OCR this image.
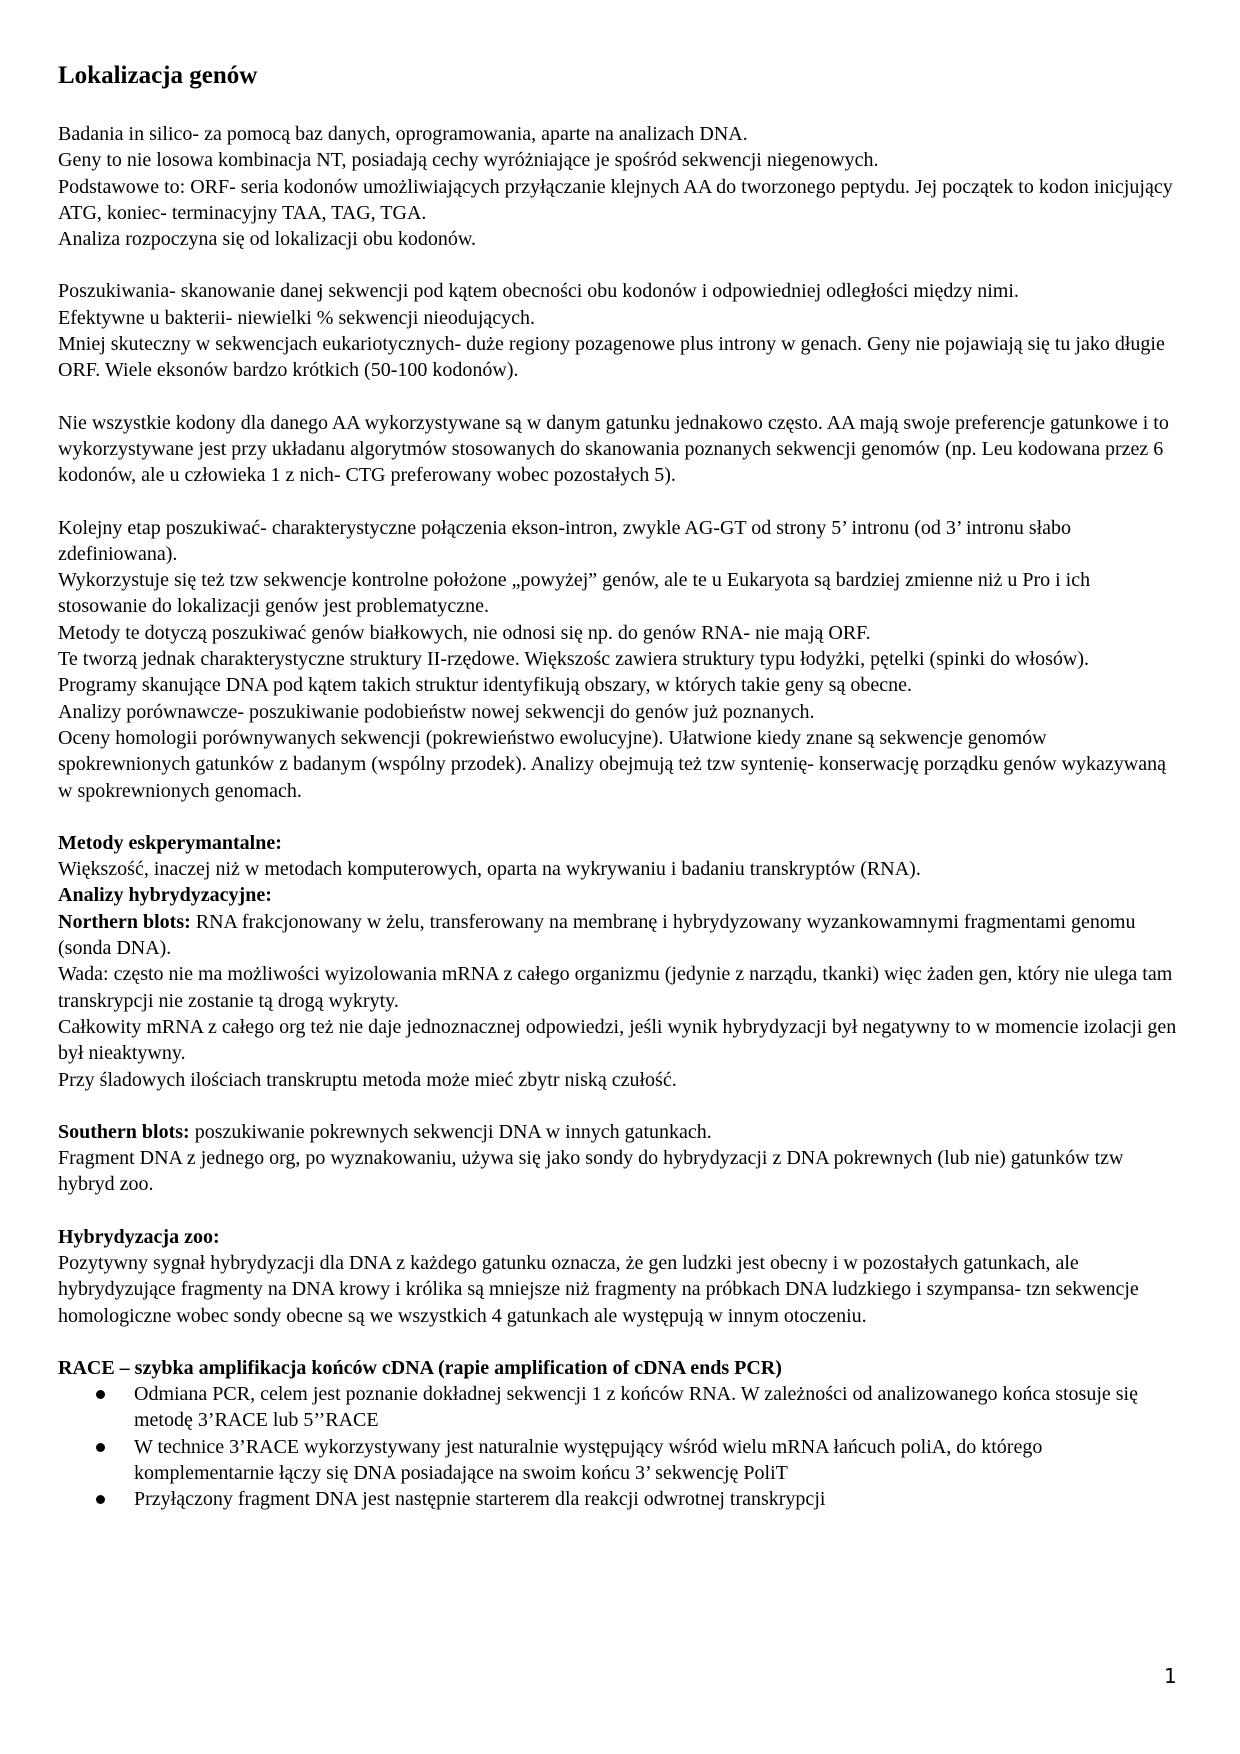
Lokalizacja genów

Badania in silico- za pomocą baz danych, oprogramowania, aparte na analizach DNA.

Geny to nie losowa kombinacja NT, posiadają cechy wyróżniające je spośród sekwencji niegenowych.

Podstawowe to: ORF- seria kodonów umożliwiających przyłączanie klejnych AA do tworzonego peptydu. Jej początek to kodon inicjujący ATG, koniec- terminacyjny TAA, TAG, TGA.

Analiza rozpoczyna się od lokalizacji obu kodonów.

Poszukiwania- skanowanie danej sekwencji pod kątem obecności obu kodonów i odpowiedniej odległości między nimi.

Efektywne u bakterii- niewielki % sekwencji nieodujących.

Mniej skuteczny w sekwencjach eukariotycznych- duże regiony pozagenowe plus introny w genach. Geny nie pojawiają się tu jako długie ORF. Wiele eksonów bardzo krótkich (50-100 kodonów).

Nie wszystkie kodony dla danego AA wykorzystywane są w danym gatunku jednakowo często. AA mają swoje preferencje gatunkowe i to wykorzystywane jest przy układanu algorytmów stosowanych do skanowania poznanych sekwencji genomów (np. Leu kodowana przez 6 kodonów, ale u człowieka 1 z nich- CTG preferowany wobec pozostałych 5).

Kolejny etap poszukiwać- charakterystyczne połączenia ekson-intron, zwykle AG-GT od strony 5’ intronu (od 3’ intronu słabo zdefiniowana).

Wykorzystuje się też tzw sekwencje kontrolne położone „powyżej” genów, ale te u Eukaryota są bardziej zmienne niż u Pro i ich stosowanie do lokalizacji genów jest problematyczne.

Metody te dotyczą poszukiwać genów białkowych, nie odnosi się np. do genów RNA- nie mają ORF.

Te tworzą jednak charakterystyczne struktury II-rzędowe. Większośc zawiera struktury typu łodyżki, pętelki (spinki do włosów).

Programy skanujące DNA pod kątem takich struktur identyfikują obszary, w których takie geny są obecne.

Analizy porównawcze- poszukiwanie podobieństw nowej sekwencji do genów już poznanych.

Oceny homologii porównywanych sekwencji (pokrewieństwo ewolucyjne). Ułatwione kiedy znane są sekwencje genomów spokrewnionych gatunków z badanym (wspólny przodek). Analizy obejmują też tzw syntenię- konserwację porządku genów wykazywaną w spokrewnionych genomach.

Metody eskperymantalne:

Większość, inaczej niż w metodach komputerowych, oparta na wykrywaniu i badaniu transkryptów (RNA).

Analizy hybrydyzacyjne:

Northern blots: RNA frakcjonowany w żelu, transferowany na membranę i hybrydyzowany wyzankowamnymi fragmentami genomu (sonda DNA).

Wada: często nie ma możliwości wyizolowania mRNA z całego organizmu (jedynie z narządu, tkanki) więc żaden gen, który nie ulega tam transkrypcji nie zostanie tą drogą wykryty.

Całkowity mRNA z całego org też nie daje jednoznacznej odpowiedzi, jeśli wynik hybrydyzacji był negatywny to w momencie izolacji gen był nieaktywny.

Przy śladowych ilościach transkruptu metoda może mieć zbytr niską czułość.

Southern blots: poszukiwanie pokrewnych sekwencji DNA w innych gatunkach.

Fragment DNA z jednego org, po wyznakowaniu, używa się jako sondy do hybrydyzacji z DNA pokrewnych (lub nie) gatunków tzw hybryd zoo.

Hybrydyzacja zoo:

Pozytywny sygnał hybrydyzacji dla DNA z każdego gatunku oznacza, że gen ludzki jest obecny i w pozostałych gatunkach, ale hybrydyzujące fragmenty na DNA krowy i królika są mniejsze niż fragmenty na próbkach DNA ludzkiego i szympansa- tzn sekwencje homologiczne wobec sondy obecne są we wszystkich 4 gatunkach ale występują w innym otoczeniu.

RACE – szybka amplifikacja końców cDNA (rapie amplification of cDNA ends PCR)

Odmiana PCR, celem jest poznanie dokładnej sekwencji 1 z końców RNA. W zależności od analizowanego końca stosuje się metodę 3’RACE lub 5’’RACE
W technice 3’RACE wykorzystywany jest naturalnie występujący wśród wielu mRNA łańcuch poliA, do którego komplementarnie łączy się DNA posiadające na swoim końcu 3’ sekwencję PoliT
Przyłączony fragment DNA jest następnie starterem dla reakcji odwrotnej transkrypcji
1
